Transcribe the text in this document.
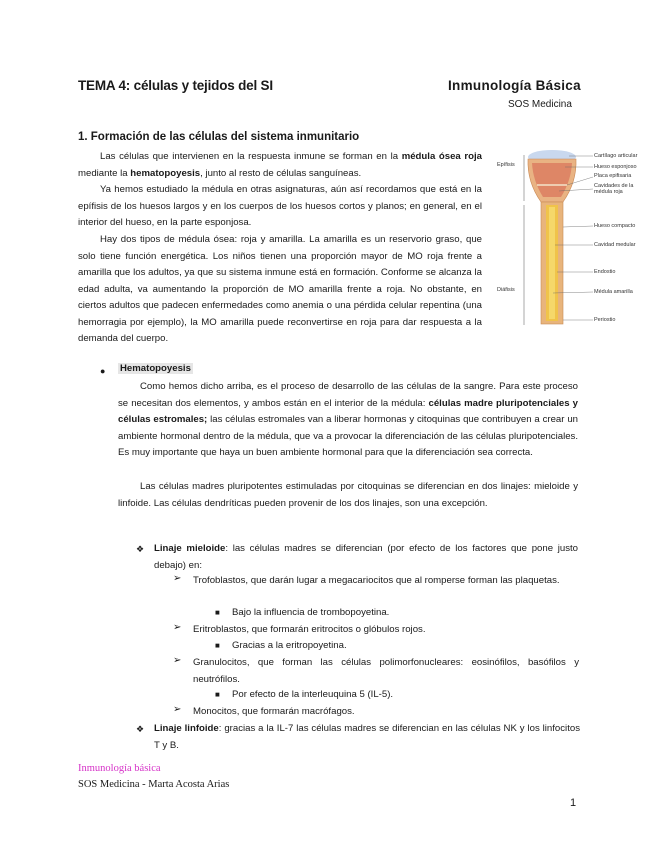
TEMA 4: células y tejidos del SI	Inmunología Básica
SOS Medicina
1. Formación de las células del sistema inmunitario
Las células que intervienen en la respuesta inmune se forman en la médula ósea roja mediante la hematopoyesis, junto al resto de células sanguíneas.
Ya hemos estudiado la médula en otras asignaturas, aún así recordamos que está en la epífisis de los huesos largos y en los cuerpos de los huesos cortos y planos; en general, en el interior del hueso, en la parte esponjosa.
Hay dos tipos de médula ósea: roja y amarilla. La amarilla es un reservorio graso, que solo tiene función energética. Los niños tienen una proporción mayor de MO roja frente a amarilla que los adultos, ya que su sistema inmune está en formación. Conforme se alcanza la edad adulta, va aumentando la proporción de MO amarilla frente a roja. No obstante, en ciertos adultos que padecen enfermedades como anemia o una pérdida celular repentina (una hemorragia por ejemplo), la MO amarilla puede reconvertirse en roja para dar respuesta a la demanda del cuerpo.
Epífisis
Diáfisis
Cartílago articular
Hueso esponjoso
Placa epifisaria
Cavidades de la médula roja
Hueso compacto
Cavidad medular
Endostio
Médula amarilla
Periostio
● Hematopoyesis
Como hemos dicho arriba, es el proceso de desarrollo de las células de la sangre. Para este proceso se necesitan dos elementos, y ambos están en el interior de la médula: células madre pluripotenciales y células estromales; las células estromales van a liberar hormonas y citoquinas que contribuyen a crear un ambiente hormonal dentro de la médula, que va a provocar la diferenciación de las células pluripotenciales. Es muy importante que haya un buen ambiente hormonal para que la diferenciación sea correcta.
Las células madres pluripotentes estimuladas por citoquinas se diferencian en dos linajes: mieloide y linfoide. Las células dendríticas pueden provenir de los dos linajes, son una excepción.
❖ Linaje mieloide: las células madres se diferencian (por efecto de los factores que pone justo debajo) en:
➢ Trofoblastos, que darán lugar a megacariocitos que al romperse forman las plaquetas.
■ Bajo la influencia de trombopoyetina.
➢ Eritroblastos, que formarán eritrocitos o glóbulos rojos.
■ Gracias a la eritropoyetina.
➢ Granulocitos, que forman las células polimorfonucleares: eosinófilos, basófilos y neutrófilos.
■ Por efecto de la interleuquina 5 (IL-5).
➢ Monocitos, que formarán macrófagos.
❖ Linaje linfoide: gracias a la IL-7 las células madres se diferencian en las células NK y los linfocitos T y B.
Inmunología básica
SOS Medicina - Marta Acosta Arias
1
